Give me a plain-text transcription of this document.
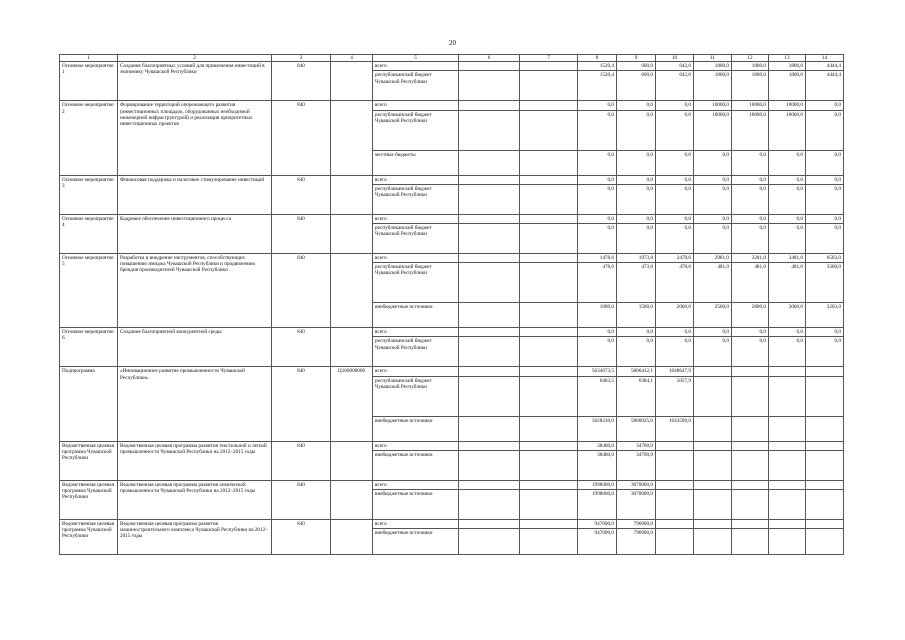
20
1	2	3	4	5	6	7	8	9	10	11	12	13	14
Основное мероприятие 1	Создание благоприятных условий для привлечения инвестиций в экономику Чувашской Республики	840		всего			1520,4	600,0	642,0	1800,0	1800,0	1800,0	4444,4
				республиканский бюджет Чувашской Республики			1520,4	600,0	642,0	1800,0	1800,0	1800,0	4444,4
Основное мероприятие 2	Формирование территорий опережающего развития (инвестиционных площадок, оборудованных необходимой инженерной инфраструктурой) и реализация приоритетных инвестиционных проектов	840		всего			0,0	0,0	0,0	10000,0	10000,0	10000,0	0,0
				республиканский бюджет Чувашской Республики			0,0	0,0	0,0	10000,0	10000,0	10000,0	0,0
				местные бюджеты			0,0	0,0	0,0	0,0	0,0	0,0	0,0
Основное мероприятие 3	Финансовая поддержка и налоговое стимулирование инвестиций	840		всего			0,0	0,0	0,0	0,0	0,0	0,0	0,0
				республиканский бюджет Чувашской Республики			0,0	0,0	0,0	0,0	0,0	0,0	0,0
Основное мероприятие 4	Кадровое обеспечение инвестиционного процесса	840		всего			0,0	0,0	0,0	0,0	0,0	0,0	0,0
				республиканский бюджет Чувашской Республики			0,0	0,0	0,0	0,0	0,0	0,0	0,0
Основное мероприятие 5	Разработка и внедрение инструментов, способствующих повышению имиджа Чувашской Республики и продвижению брендов производителей Чувашской Республики	840		всего			1478,6	1973,8	2478,6	2981,0	3281,0	3481,0	6503,0
				республиканский бюджет Чувашской Республики			478,6	473,8	478,6	481,0	481,0	481,0	3300,0
				внебюджетные источники			1000,0	1500,0	2000,0	2500,0	2800,0	3000,0	3203,0
Основное мероприятие 6	Создание благоприятной конкурентной среды	840		всего			0,0	0,0	0,0	0,0	0,0	0,0	0,0
				республиканский бюджет Чувашской Республики			0,0	0,0	0,0	0,0	0,0	0,0	0,0
Подпрограмма	«Инновационное развитие промышленности Чувашской Республики»	840	Ц160000000	всего			5634673,5	5806412,1	1648647,9				
				республиканский бюджет Чувашской Республики			6463,5	6384,1	5057,9				
				внебюджетные источники			5628210,0	5800025,0	1643590,0				
Ведомственная целевая программа Чувашской Республики	Ведомственная целевая программа развития текстильной и легкой промышленности Чувашской Республики на 2012–2015 годы	840		всего			38400,0	34700,0					
				внебюджетные источники			38400,0	34700,0					
Ведомственная целевая программа Чувашской Республики	Ведомственная целевая программа развития химической промышленности Чувашской Республики на 2012–2015 годы	840		всего			1998000,0	3070000,0					
				внебюджетные источники			1998000,0	3070000,0					
Ведомственная целевая программа Чувашской Республики	Ведомственная целевая программа развития машиностроительного комплекса Чувашской Республики на 2012–2015 годы	840		всего			947000,0	796900,0					
				внебюджетные источники			947000,0	796900,0					
